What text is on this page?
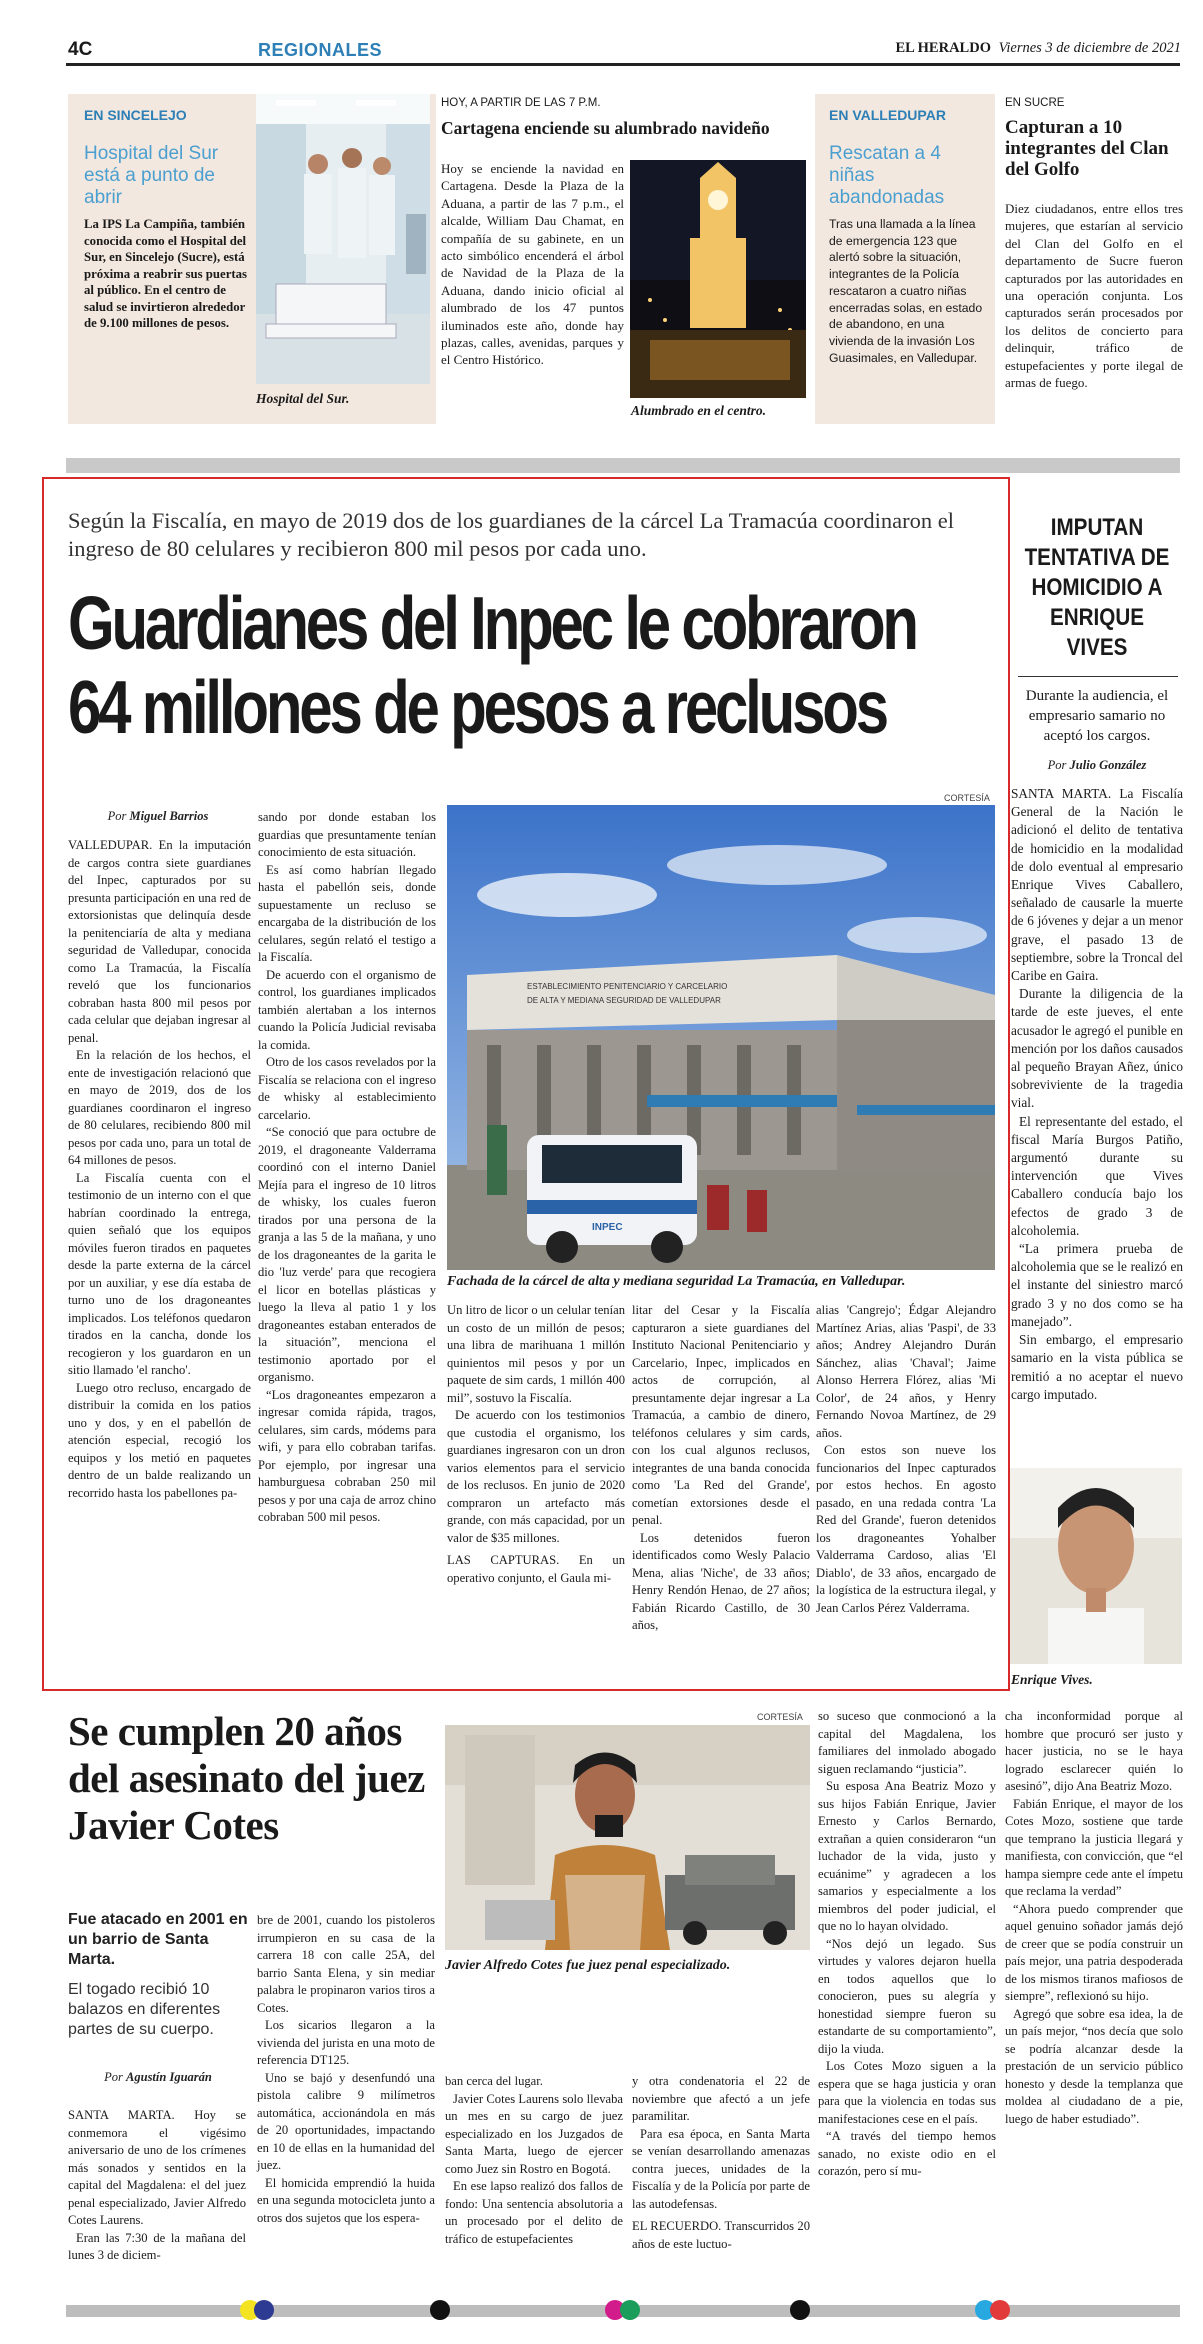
4C	REGIONALES	EL HERALDO Viernes 3 de diciembre de 2021
EN SINCELEJO
Hospital del Sur está a punto de abrir
La IPS La Campiña, también conocida como el Hospital del Sur, en Sincelejo (Sucre), está próxima a reabrir sus puertas al público. En el centro de salud se invirtieron alrededor de 9.100 millones de pesos.
Hospital del Sur.
HOY, A PARTIR DE LAS 7 P.M.
Cartagena enciende su alumbrado navideño
Hoy se enciende la navidad en Cartagena. Desde la Plaza de la Aduana, a partir de las 7 p.m., el alcalde, William Dau Chamat, en compañía de su gabinete, en un acto simbólico encenderá el árbol de Navidad de la Plaza de la Aduana, dando inicio oficial al alumbrado de los 47 puntos iluminados este año, donde hay plazas, calles, avenidas, parques y el Centro Histórico.
Alumbrado en el centro.
EN VALLEDUPAR
Rescatan a 4 niñas abandonadas
Tras una llamada a la línea de emergencia 123 que alertó sobre la situación, integrantes de la Policía rescataron a cuatro niñas encerradas solas, en estado de abandono, en una vivienda de la invasión Los Guasimales, en Valledupar.
EN SUCRE
Capturan a 10 integrantes del Clan del Golfo
Diez ciudadanos, entre ellos tres mujeres, que estarían al servicio del Clan del Golfo en el departamento de Sucre fueron capturados por las autoridades en una operación conjunta. Los capturados serán procesados por los delitos de concierto para delinquir, tráfico de estupefacientes y porte ilegal de armas de fuego.
Según la Fiscalía, en mayo de 2019 dos de los guardianes de la cárcel La Tramacúa coordinaron el ingreso de 80 celulares y recibieron 800 mil pesos por cada uno.
Guardianes del Inpec le cobraron
64 millones de pesos a reclusos
CORTESÍA
ESTABLECIMIENTO PENITENCIARIO Y CARCELARIO
DE ALTA Y MEDIANA SEGURIDAD DE VALLEDUPAR
INPEC
Fachada de la cárcel de alta y mediana seguridad La Tramacúa, en Valledupar.
Por Miguel Barrios

VALLEDUPAR. En la imputación de cargos contra siete guardianes del Inpec, capturados por su presunta participación en una red de extorsionistas que delinquía desde la penitenciaría de alta y mediana seguridad de Valledupar, conocida como La Tramacúa, la Fiscalía reveló que los funcionarios cobraban hasta 800 mil pesos por cada celular que dejaban ingresar al penal.

En la relación de los hechos, el ente de investigación relacionó que en mayo de 2019, dos de los guardianes coordinaron el ingreso de 80 celulares, recibiendo 800 mil pesos por cada uno, para un total de 64 millones de pesos.

La Fiscalía cuenta con el testimonio de un interno con el que habrían coordinado la entrega, quien señaló que los equipos móviles fueron tirados en paquetes desde la parte externa de la cárcel por un auxiliar, y ese día estaba de turno uno de los dragoneantes implicados. Los teléfonos quedaron tirados en la cancha, donde los recogieron y los guardaron en un sitio llamado 'el rancho'.

Luego otro recluso, encargado de distribuir la comida en los patios uno y dos, y en el pabellón de atención especial, recogió los equipos y los metió en paquetes dentro de un balde realizando un recorrido hasta los pabellones pa-

sando por donde estaban los guardias que presuntamente tenían conocimiento de esta situación.

Es así como habrían llegado hasta el pabellón seis, donde supuestamente un recluso se encargaba de la distribución de los celulares, según relató el testigo a la Fiscalía.

De acuerdo con el organismo de control, los guardianes implicados también alertaban a los internos cuando la Policía Judicial revisaba la comida.

Otro de los casos revelados por la Fiscalía se relaciona con el ingreso de whisky al establecimiento carcelario.

“Se conoció que para octubre de 2019, el dragoneante Valderrama coordinó con el interno Daniel Mejía para el ingreso de 10 litros de whisky, los cuales fueron tirados por una persona de la granja a las 5 de la mañana, y uno de los dragoneantes de la garita le dio 'luz verde' para que recogiera el licor en botellas plásticas y luego la lleva al patio 1 y los dragoneantes estaban enterados de la situación”, menciona el testimonio aportado por el organismo.

“Los dragoneantes empezaron a ingresar comida rápida, tragos, celulares, sim cards, módems para wifi, y para ello cobraban tarifas. Por ejemplo, por ingresar una hamburguesa cobraban 250 mil pesos y por una caja de arroz chino cobraban 500 mil pesos.

Un litro de licor o un celular tenían un costo de un millón de pesos; una libra de marihuana 1 millón quinientos mil pesos y por un paquete de sim cards, 1 millón 400 mil”, sostuvo la Fiscalía.

De acuerdo con los testimonios que custodia el organismo, los guardianes ingresaron con un dron varios elementos para el servicio de los reclusos. En junio de 2020 compraron un artefacto más grande, con más capacidad, por un valor de $35 millones.

LAS CAPTURAS. En un operativo conjunto, el Gaula mi-

litar del Cesar y la Fiscalía capturaron a siete guardianes del Instituto Nacional Penitenciario y Carcelario, Inpec, implicados en actos de corrupción, al presuntamente dejar ingresar a La Tramacúa, a cambio de dinero, teléfonos celulares y sim cards, con los cual algunos reclusos, integrantes de una banda conocida como 'La Red del Grande', cometían extorsiones desde el penal.

Los detenidos fueron identificados como Wesly Palacio Mena, alias 'Niche', de 33 años; Henry Rendón Henao, de 27 años; Fabián Ricardo Castillo, de 30 años,

alias 'Cangrejo'; Édgar Alejandro Martínez Arias, alias 'Paspi', de 33 años; Andrey Alejandro Durán Sánchez, alias 'Chaval'; Jaime Alonso Herrera Flórez, alias 'Mi Color', de 24 años, y Henry Fernando Novoa Martínez, de 29 años.

Con estos son nueve los funcionarios del Inpec capturados por estos hechos. En agosto pasado, en una redada contra 'La Red del Grande', fueron detenidos los dragoneantes Yohalber Valderrama Cardoso, alias 'El Diablo', de 33 años, encargado de la logística de la estructura ilegal, y Jean Carlos Pérez Valderrama.

IMPUTAN TENTATIVA DE HOMICIDIO A ENRIQUE VIVES
Durante la audiencia, el empresario samario no aceptó los cargos.
Por Julio González

SANTA MARTA. La Fiscalía General de la Nación le adicionó el delito de tentativa de homicidio en la modalidad de dolo eventual al empresario Enrique Vives Caballero, señalado de causarle la muerte de 6 jóvenes y dejar a un menor grave, el pasado 13 de septiembre, sobre la Troncal del Caribe en Gaira.

Durante la diligencia de la tarde de este jueves, el ente acusador le agregó el punible en mención por los daños causados al pequeño Brayan Añez, único sobreviviente de la tragedia vial.

El representante del estado, el fiscal María Burgos Patiño, argumentó durante su intervención que Vives Caballero conducía bajo los efectos de grado 3 de alcoholemia.

“La primera prueba de alcoholemia que se le realizó en el instante del siniestro marcó grado 3 y no dos como se ha manejado”.

Sin embargo, el empresario samario en la vista pública se remitió a no aceptar el nuevo cargo imputado.

Enrique Vives.
Se cumplen 20 años del asesinato del juez Javier Cotes
Fue atacado en 2001 en un barrio de Santa Marta.
El togado recibió 10 balazos en diferentes partes de su cuerpo.
Por Agustín Iguarán
CORTESÍA
Javier Alfredo Cotes fue juez penal especializado.

SANTA MARTA. Hoy se conmemora el vigésimo aniversario de uno de los crímenes más sonados y sentidos en la capital del Magdalena: el del juez penal especializado, Javier Alfredo Cotes Laurens.

Eran las 7:30 de la mañana del lunes 3 de diciem-

bre de 2001, cuando los pistoleros irrumpieron en su casa de la carrera 18 con calle 25A, del barrio Santa Elena, y sin mediar palabra le propinaron varios tiros a Cotes.

Los sicarios llegaron a la vivienda del jurista en una moto de referencia DT125.

Uno se bajó y desenfundó una pistola calibre 9 milímetros automática, accionándola en más de 20 oportunidades, impactando en 10 de ellas en la humanidad del juez.

El homicida emprendió la huida en una segunda motocicleta junto a otros dos sujetos que los espera-

ban cerca del lugar.

Javier Cotes Laurens solo llevaba un mes en su cargo de juez especializado en los Juzgados de Santa Marta, luego de ejercer como Juez sin Rostro en Bogotá.

En ese lapso realizó dos fallos de fondo: Una sentencia absolutoria a un procesado por el delito de tráfico de estupefacientes

y otra condenatoria el 22 de noviembre que afectó a un jefe paramilitar.

Para esa época, en Santa Marta se venían desarrollando amenazas contra jueces, unidades de la Fiscalía y de la Policía por parte de las autodefensas.

EL RECUERDO. Transcurridos 20 años de este luctuo-

so suceso que conmocionó a la capital del Magdalena, los familiares del inmolado abogado siguen reclamando “justicia”.

Su esposa Ana Beatriz Mozo y sus hijos Fabián Enrique, Javier Ernesto y Carlos Bernardo, extrañan a quien consideraron “un luchador de la vida, justo y ecuánime” y agradecen a los samarios y especialmente a los miembros del poder judicial, el que no lo hayan olvidado.

“Nos dejó un legado. Sus virtudes y valores dejaron huella en todos aquellos que lo conocieron, pues su alegría y honestidad siempre fueron su estandarte de su comportamiento”, dijo la viuda.

Los Cotes Mozo siguen a la espera que se haga justicia y oran para que la violencia en todas sus manifestaciones cese en el país.

“A través del tiempo hemos sanado, no existe odio en el corazón, pero sí mu-

cha inconformidad porque al hombre que procuró ser justo y hacer justicia, no se le haya logrado esclarecer quién lo asesinó”, dijo Ana Beatriz Mozo.

Fabián Enrique, el mayor de los Cotes Mozo, sostiene que tarde que temprano la justicia llegará y manifiesta, con convicción, que “el hampa siempre cede ante el ímpetu que reclama la verdad”

“Ahora puedo comprender que aquel genuino soñador jamás dejó de creer que se podía construir un país mejor, una patria despoderada de los mismos tiranos mafiosos de siempre”, reflexionó su hijo.

Agregó que sobre esa idea, la de un país mejor, “nos decía que solo se podría alcanzar desde la prestación de un servicio público honesto y desde la templanza que moldea al ciudadano de a pie, luego de haber estudiado”.
